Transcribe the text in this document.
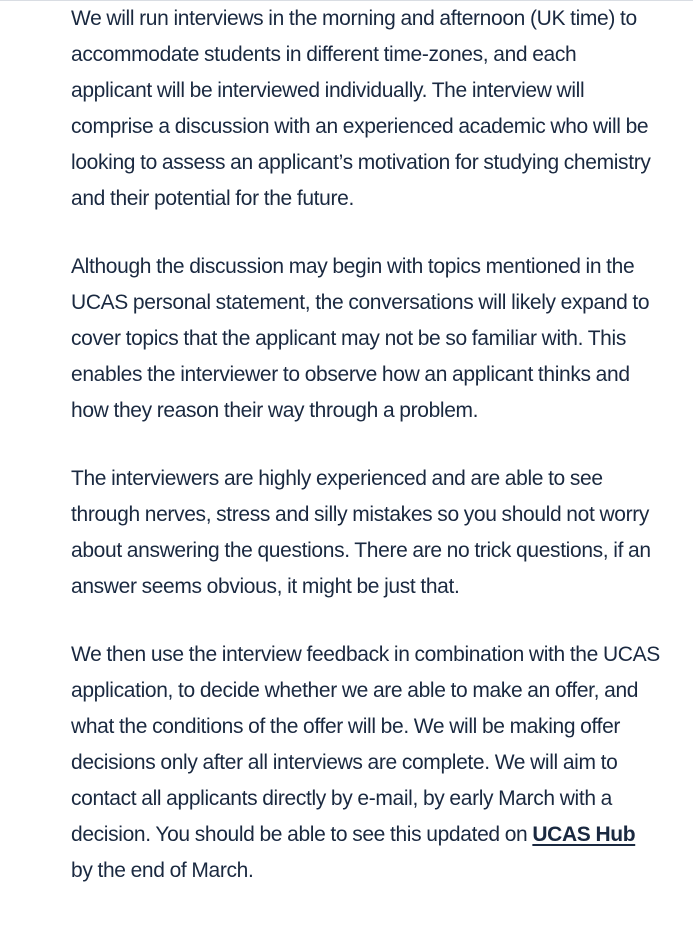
We will run interviews in the morning and afternoon (UK time) to accommodate students in different time-zones, and each applicant will be interviewed individually. The interview will comprise a discussion with an experienced academic who will be looking to assess an applicant’s motivation for studying chemistry and their potential for the future.

Although the discussion may begin with topics mentioned in the UCAS personal statement, the conversations will likely expand to cover topics that the applicant may not be so familiar with. This enables the interviewer to observe how an applicant thinks and how they reason their way through a problem.

The interviewers are highly experienced and are able to see through nerves, stress and silly mistakes so you should not worry about answering the questions. There are no trick questions, if an answer seems obvious, it might be just that.

We then use the interview feedback in combination with the UCAS application, to decide whether we are able to make an offer, and what the conditions of the offer will be. We will be making offer decisions only after all interviews are complete. We will aim to contact all applicants directly by e-mail, by early March with a decision. You should be able to see this updated on UCAS Hub by the end of March.
